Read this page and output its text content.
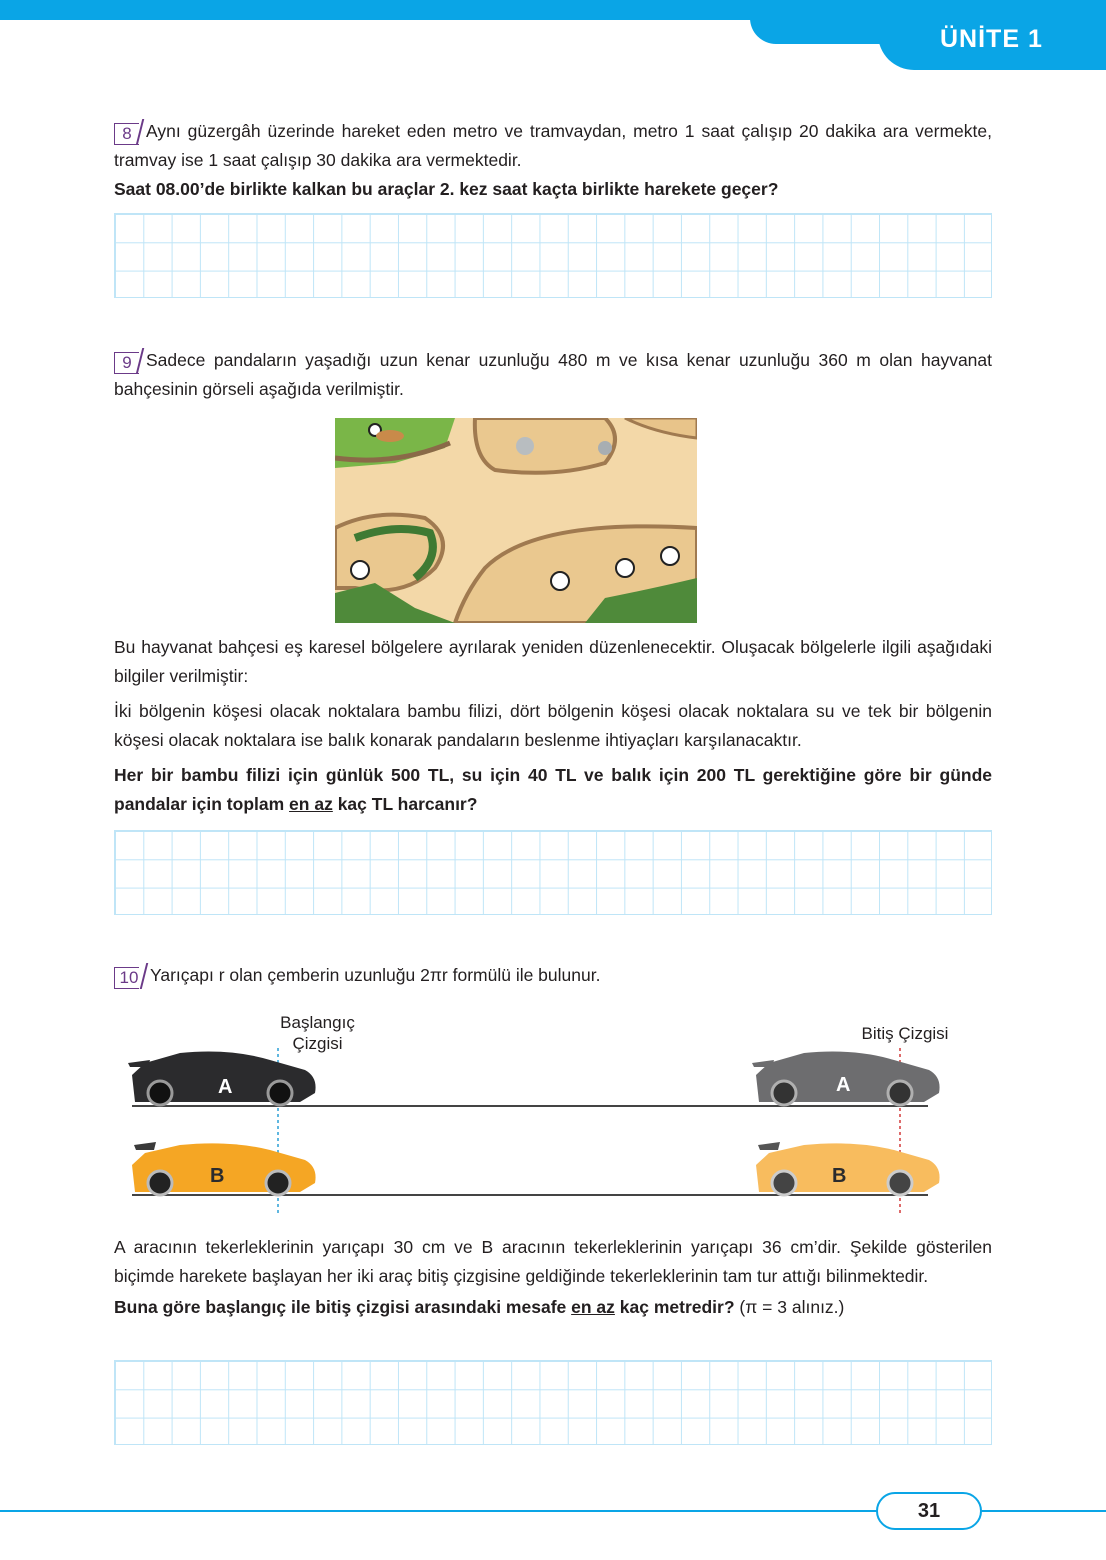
ÜNİTE 1

8 Aynı güzergâh üzerinde hareket eden metro ve tramvaydan, metro 1 saat çalışıp 20 dakika ara vermekte, tramvay ise 1 saat çalışıp 30 dakika ara vermektedir.

Saat 08.00’de birlikte kalkan bu araçlar 2. kez saat kaçta birlikte harekete geçer?

9 Sadece pandaların yaşadığı uzun kenar uzunluğu 480 m ve kısa kenar uzunluğu 360 m olan hayvanat bahçesinin görseli aşağıda verilmiştir.

Bu hayvanat bahçesi eş karesel bölgelere ayrılarak yeniden düzenlenecektir. Oluşacak bölgelerle ilgili aşağıdaki bilgiler verilmiştir:

İki bölgenin köşesi olacak noktalara bambu filizi, dört bölgenin köşesi olacak noktalara su ve tek bir bölgenin köşesi olacak noktalara ise balık konarak pandaların beslenme ihtiyaçları karşılanacaktır.

Her bir bambu filizi için günlük 500 TL, su için 40 TL ve balık için 200 TL gerektiğine göre bir günde pandalar için toplam en az kaç TL harcanır?

10 Yarıçapı r olan çemberin uzunluğu 2πr formülü ile bulunur.

Başlangıç
Çizgisi
Bitiş Çizgisi
A	A
B	B

A aracının tekerleklerinin yarıçapı 30 cm ve B aracının tekerleklerinin yarıçapı 36 cm’dir. Şekilde gösterilen biçimde harekete başlayan her iki araç bitiş çizgisine geldiğinde tekerleklerinin tam tur attığı bilinmektedir.

Buna göre başlangıç ile bitiş çizgisi arasındaki mesafe en az kaç metredir? (π = 3 alınız.)

31
